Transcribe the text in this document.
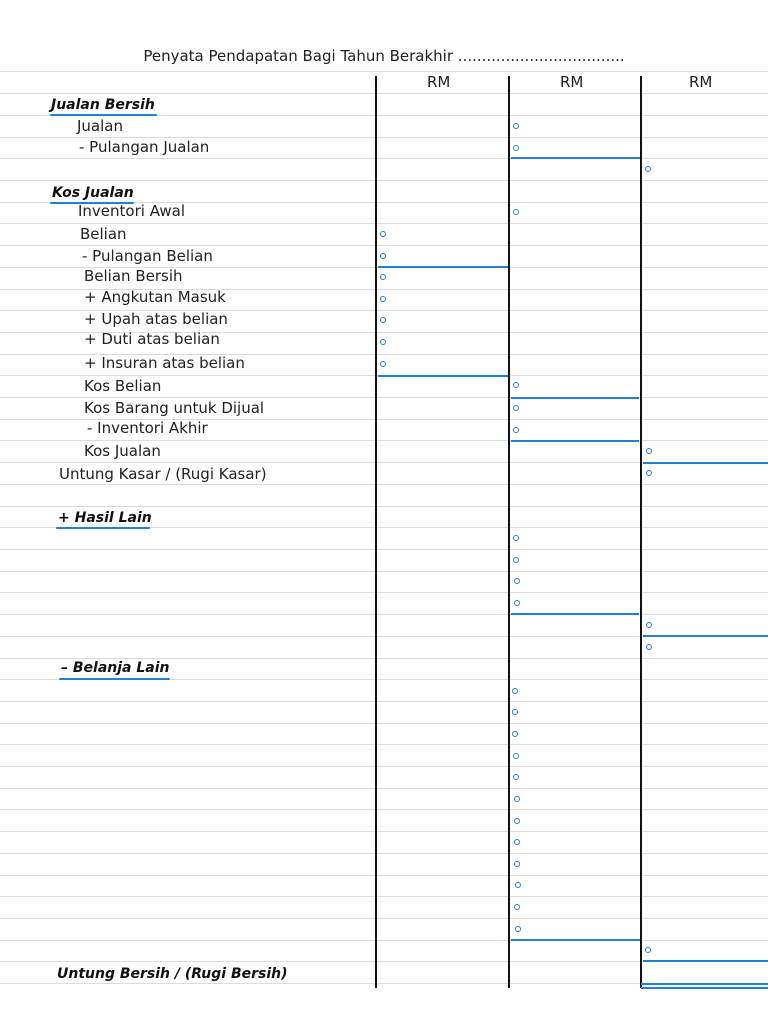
Penyata Pendapatan Bagi Tahun Berakhir ...................................
RM	RM	RM
Jualan Bersih
Jualan
- Pulangan Jualan
Kos Jualan
Inventori Awal
Belian
- Pulangan Belian
Belian Bersih
+ Angkutan Masuk
+ Upah atas belian
+ Duti atas belian
+ Insuran atas belian
Kos Belian
Kos Barang untuk Dijual
- Inventori Akhir
Kos Jualan
Untung Kasar / (Rugi Kasar)
+ Hasil Lain
– Belanja Lain
Untung Bersih / (Rugi Bersih)
